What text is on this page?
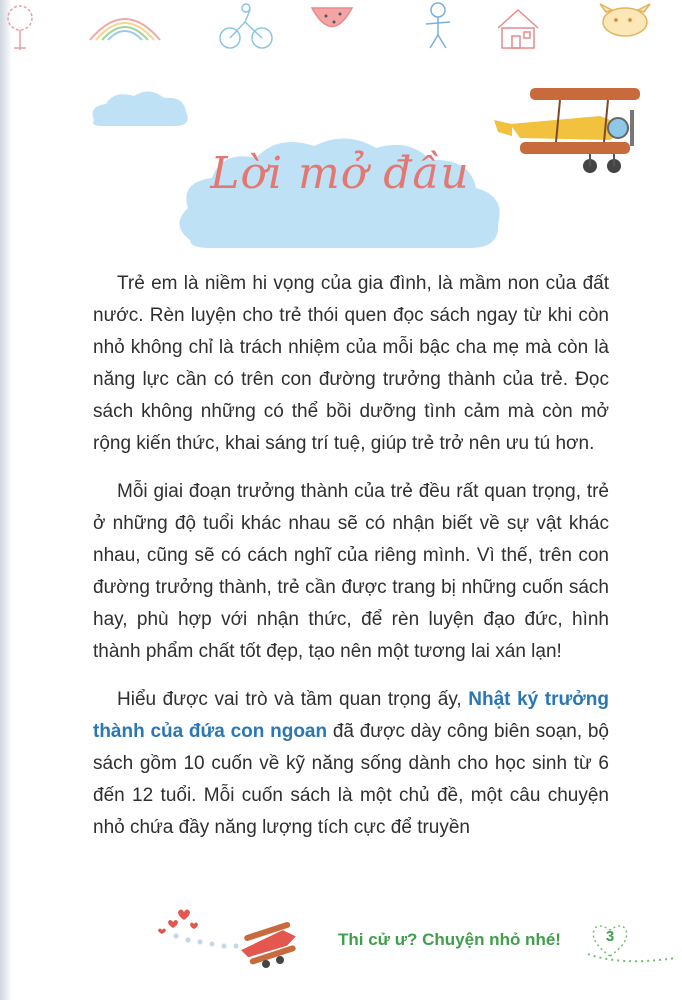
Lời mở đầu

Trẻ em là niềm hi vọng của gia đình, là mầm non của đất nước. Rèn luyện cho trẻ thói quen đọc sách ngay từ khi còn nhỏ không chỉ là trách nhiệm của mỗi bậc cha mẹ mà còn là năng lực cần có trên con đường trưởng thành của trẻ. Đọc sách không những có thể bồi dưỡng tình cảm mà còn mở rộng kiến thức, khai sáng trí tuệ, giúp trẻ trở nên ưu tú hơn.

Mỗi giai đoạn trưởng thành của trẻ đều rất quan trọng, trẻ ở những độ tuổi khác nhau sẽ có nhận biết về sự vật khác nhau, cũng sẽ có cách nghĩ của riêng mình. Vì thế, trên con đường trưởng thành, trẻ cần được trang bị những cuốn sách hay, phù hợp với nhận thức, để rèn luyện đạo đức, hình thành phẩm chất tốt đẹp, tạo nên một tương lai xán lạn!

Hiểu được vai trò và tầm quan trọng ấy, Nhật ký trưởng thành của đứa con ngoan đã được dày công biên soạn, bộ sách gồm 10 cuốn về kỹ năng sống dành cho học sinh từ 6 đến 12 tuổi. Mỗi cuốn sách là một chủ đề, một câu chuyện nhỏ chứa đầy năng lượng tích cực để truyền

Thi cử ư? Chuyện nhỏ nhé!	3
